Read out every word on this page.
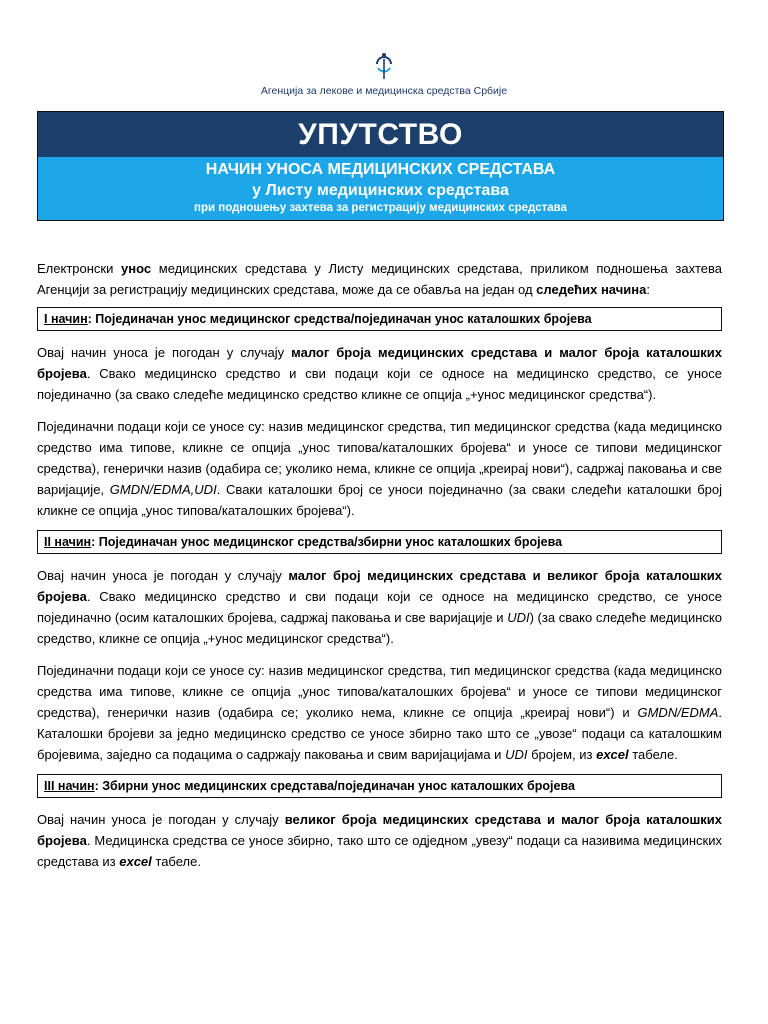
Агенција за лекове и медицинска средства Србије
УПУТСТВО
НАЧИН УНОСА МЕДИЦИНСКИХ СРЕДСТАВА
у Листу медицинских средстава
при подношењу захтева за регистрацију медицинских средстава

Електронски унос медицинских средстава у Листу медицинских средстава, приликом подношења захтева Агенцији за регистрацију медицинских средстава, може да се обавља на један од следећих начина:

I начин: Појединачан унос медицинског средства/појединачан унос каталошких бројева

Овај начин уноса је погодан у случају малог броја медицинских средстава и малог броја каталошких бројева. Свако медицинско средство и сви подаци који се односе на медицинско средство, се уносе појединачно (за свако следеће медицинско средство кликне се опција „+унос медицинског средства“).

Појединачни подаци који се уносе су: назив медицинског средства, тип медицинског средства (када медицинско средство има типове, кликне се опција „унос типова/каталошких бројева“ и уносе се типови медицинског средства), генерички назив (одабира се; уколико нема, кликне се опција „креирај нови“), садржај паковања и све варијације, GMDN/EDMA,UDI. Сваки каталошки број се уноси појединачно (за сваки следећи каталошки број кликне се опција „унос типова/каталошких бројева“).

II начин: Појединачан унос медицинског средства/збирни унос каталошких бројева

Овај начин уноса је погодан у случају малог број медицинских средстава и великог броја каталошких бројева. Свако медицинско средство и сви подаци који се односе на медицинско средство, се уносе појединачно (осим каталошких бројева, садржај паковања и све варијације и UDI) (за свако следеће медицинско средство, кликне се опција „+унос медицинског средства“).

Појединачни подаци који се уносе су: назив медицинског средства, тип медицинског средства (када медицинско средства има типове, кликне се опција „унос типова/каталошких бројева“ и уносе се типови медицинског средства), генерички назив (одабира се; уколико нема, кликне се опција „креирај нови“) и GMDN/EDMA. Каталошки бројеви за једно медицинско средство се уносе збирно тако што се „увозе“ подаци са каталошким бројевима, заједно са подацима о садржају паковања и свим варијацијама и UDI бројем, из excel табеле.

III начин: Збирни унос медицинских средстава/појединачан унос каталошких бројева

Овај начин уноса је погодан у случају великог броја медицинских средстава и малог броја каталошких бројева. Медицинска средства се уносе збирно, тако што се одједном „увезу“ подаци са називима медицинских средстава из excel табеле.
